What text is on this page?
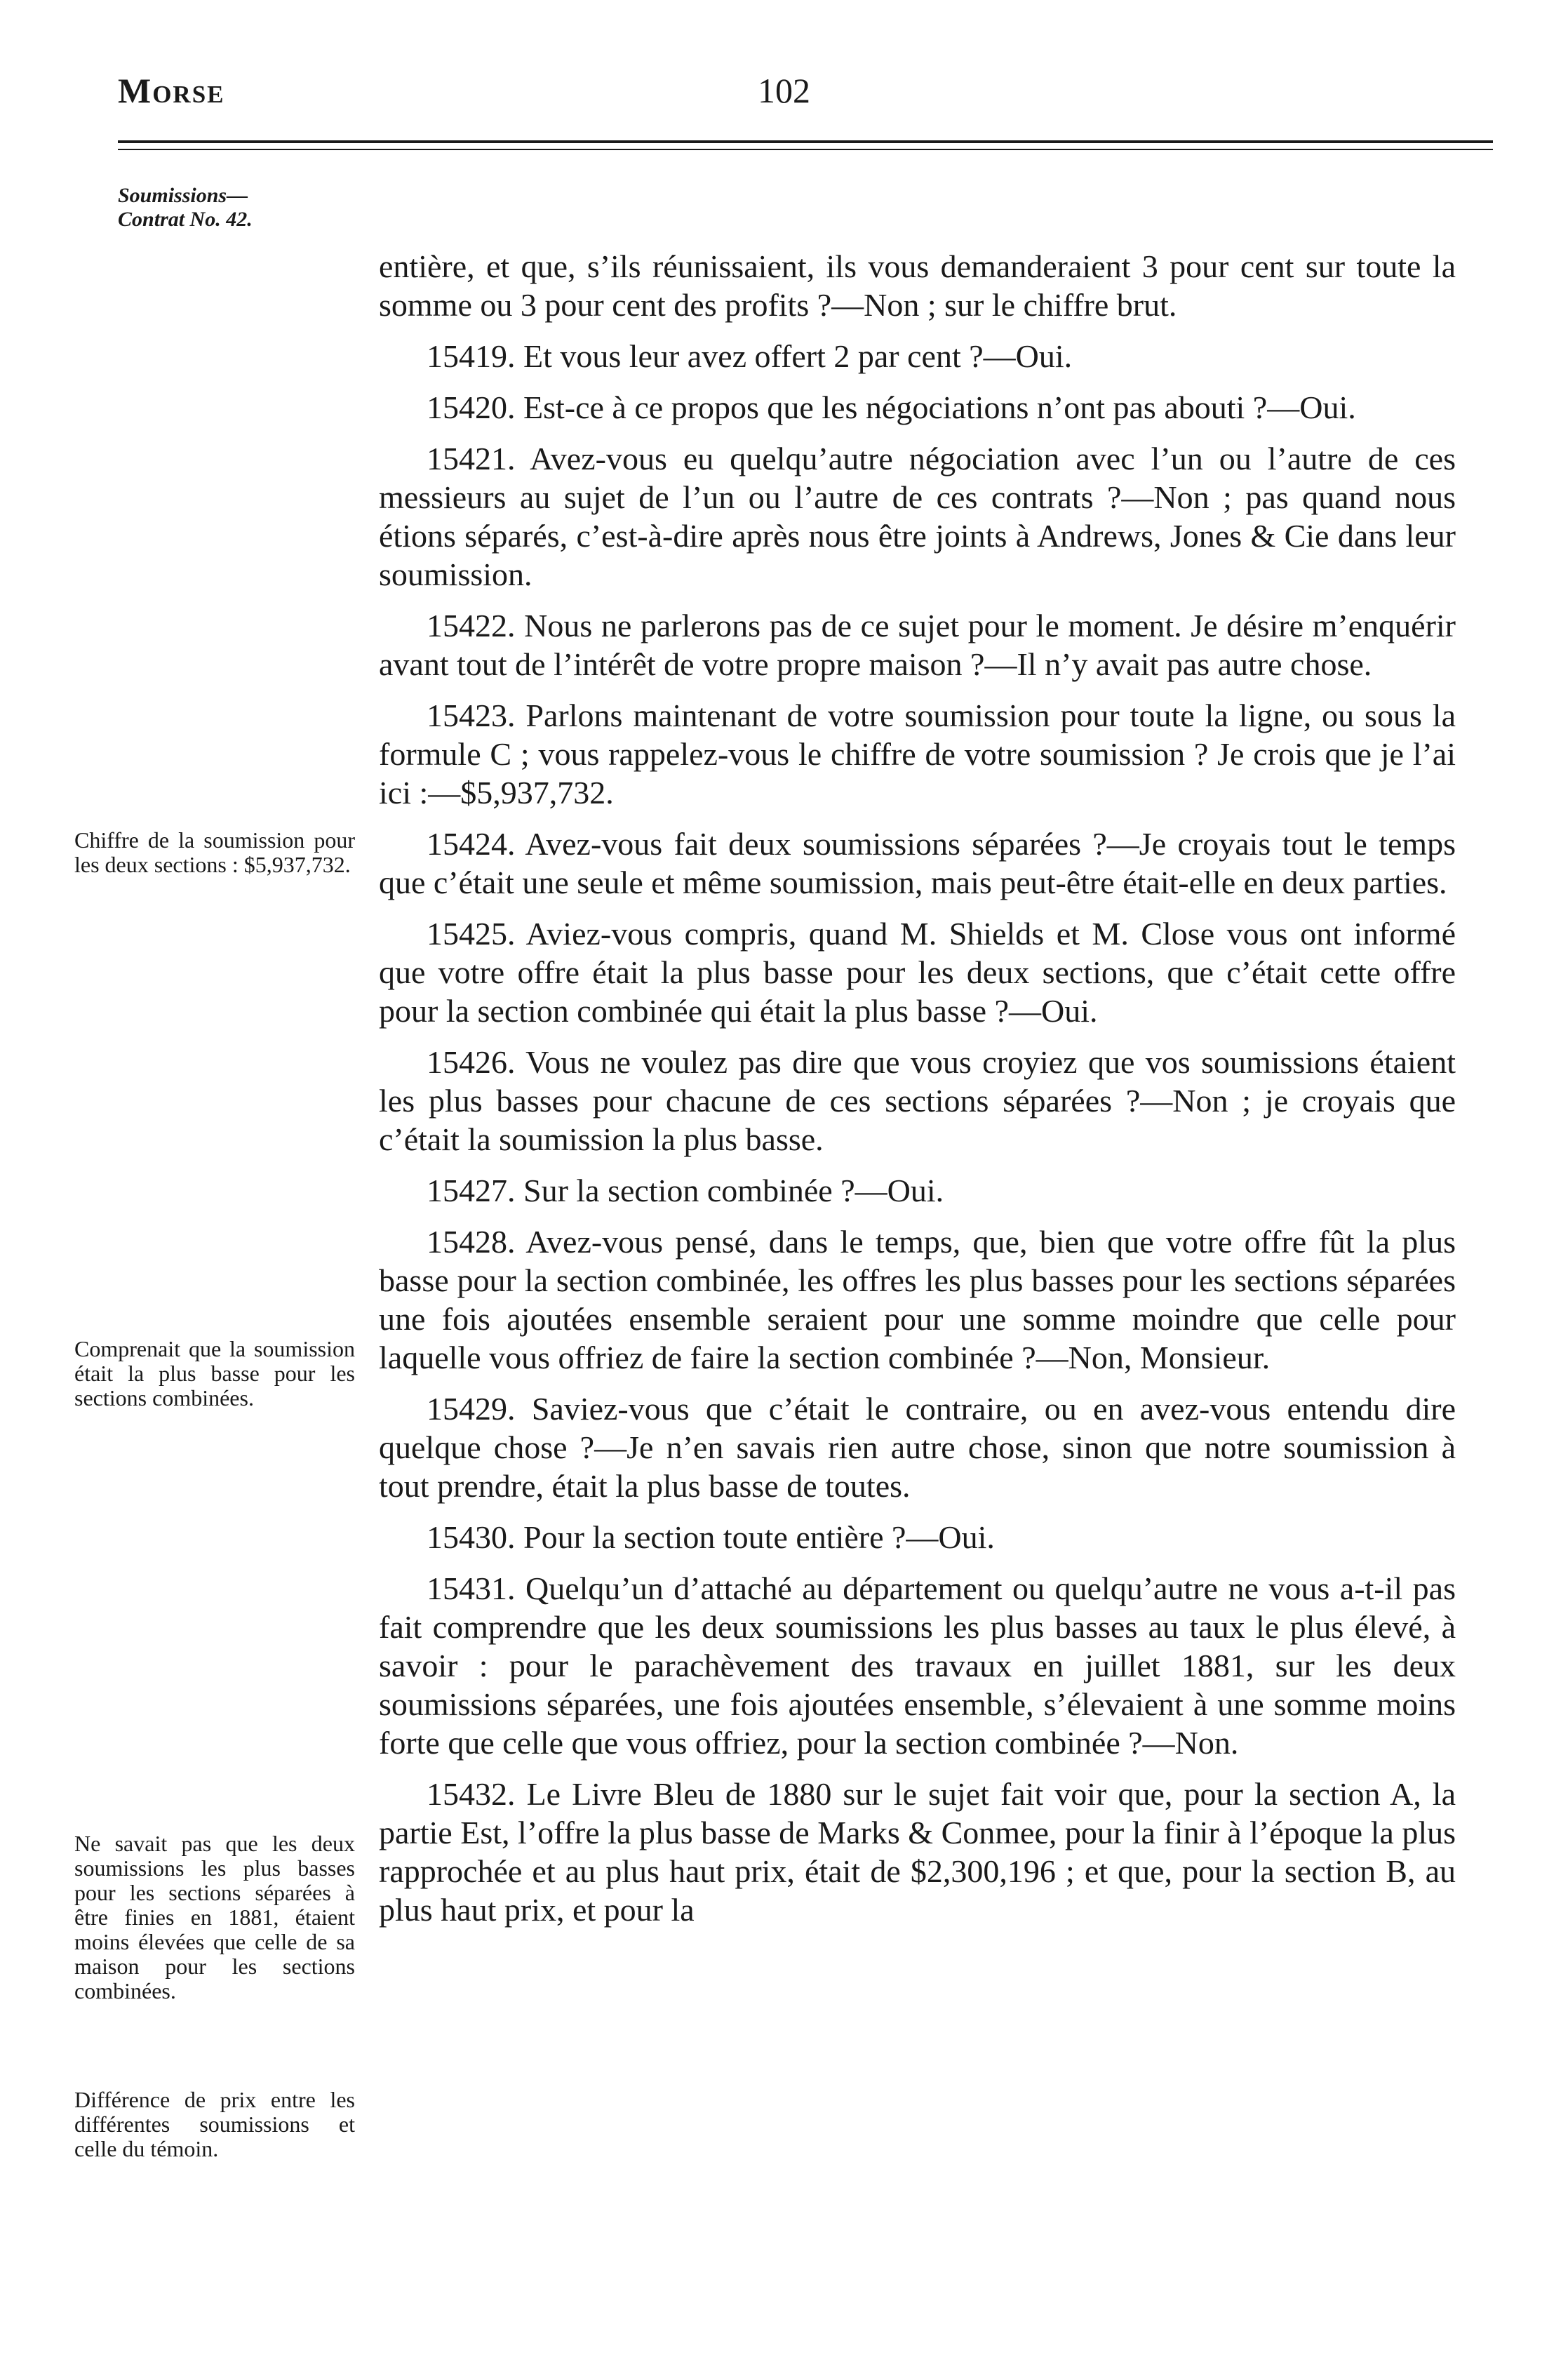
Morse	102
Soumissions—
Contrat No. 42.
Chiffre de la soumission pour les deux sections : $5,937,732.
Comprenait que la soumission était la plus basse pour les sections combinées.
Ne savait pas que les deux soumissions les plus basses pour les sections séparées à être finies en 1881, étaient moins élevées que celle de sa maison pour les sections combinées.
Différence de prix entre les différentes soumissions et celle du témoin.

entière, et que, s’ils réunissaient, ils vous demanderaient 3 pour cent sur toute la somme ou 3 pour cent des profits ?—Non ; sur le chiffre brut.

15419. Et vous leur avez offert 2 par cent ?—Oui.

15420. Est-ce à ce propos que les négociations n’ont pas abouti ?—Oui.

15421. Avez-vous eu quelqu’autre négociation avec l’un ou l’autre de ces messieurs au sujet de l’un ou l’autre de ces contrats ?—Non ; pas quand nous étions séparés, c’est-à-dire après nous être joints à Andrews, Jones & Cie dans leur soumission.

15422. Nous ne parlerons pas de ce sujet pour le moment. Je désire m’enquérir avant tout de l’intérêt de votre propre maison ?—Il n’y avait pas autre chose.

15423. Parlons maintenant de votre soumission pour toute la ligne, ou sous la formule C ; vous rappelez-vous le chiffre de votre soumission ? Je crois que je l’ai ici :—$5,937,732.

15424. Avez-vous fait deux soumissions séparées ?—Je croyais tout le temps que c’était une seule et même soumission, mais peut-être était-elle en deux parties.

15425. Aviez-vous compris, quand M. Shields et M. Close vous ont informé que votre offre était la plus basse pour les deux sections, que c’était cette offre pour la section combinée qui était la plus basse ?—Oui.

15426. Vous ne voulez pas dire que vous croyiez que vos soumissions étaient les plus basses pour chacune de ces sections séparées ?—Non ; je croyais que c’était la soumission la plus basse.

15427. Sur la section combinée ?—Oui.

15428. Avez-vous pensé, dans le temps, que, bien que votre offre fût la plus basse pour la section combinée, les offres les plus basses pour les sections séparées une fois ajoutées ensemble seraient pour une somme moindre que celle pour laquelle vous offriez de faire la section combinée ?—Non, Monsieur.

15429. Saviez-vous que c’était le contraire, ou en avez-vous entendu dire quelque chose ?—Je n’en savais rien autre chose, sinon que notre soumission à tout prendre, était la plus basse de toutes.

15430. Pour la section toute entière ?—Oui.

15431. Quelqu’un d’attaché au département ou quelqu’autre ne vous a-t-il pas fait comprendre que les deux soumissions les plus basses au taux le plus élevé, à savoir : pour le parachèvement des travaux en juillet 1881, sur les deux soumissions séparées, une fois ajoutées ensemble, s’élevaient à une somme moins forte que celle que vous offriez, pour la section combinée ?—Non.

15432. Le Livre Bleu de 1880 sur le sujet fait voir que, pour la section A, la partie Est, l’offre la plus basse de Marks & Conmee, pour la finir à l’époque la plus rapprochée et au plus haut prix, était de $2,300,196 ; et que, pour la section B, au plus haut prix, et pour la
